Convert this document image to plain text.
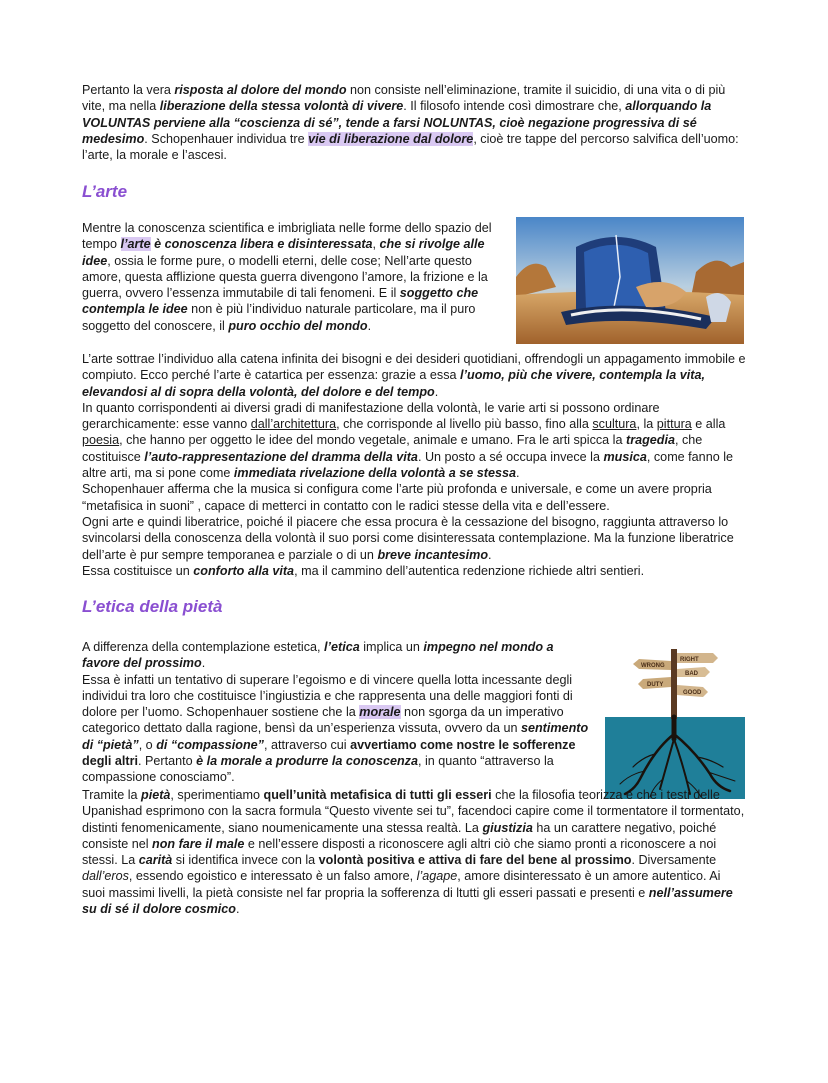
Pertanto la vera risposta al dolore del mondo non consiste nell’eliminazione, tramite il suicidio, di una vita o di più vite, ma nella liberazione della stessa volontà di vivere. Il filosofo intende così dimostrare che, allorquando la VOLUNTAS perviene alla “coscienza di sé”, tende a farsi NOLUNTAS, cioè negazione progressiva di sé medesimo. Schopenhauer individua tre vie di liberazione dal dolore, cioè tre tappe del percorso salvifica dell’uomo: l’arte, la morale e l’ascesi.

L’arte

Mentre la conoscenza scientifica e imbrigliata nelle forme dello spazio del tempo l’arte è conoscenza libera e disinteressata, che si rivolge alle idee, ossia le forme pure, o modelli eterni, delle cose; Nell’arte questo amore, questa afflizione questa guerra divengono l’amore, la frizione e la guerra, ovvero l’essenza immutabile di tali fenomeni. E il soggetto che contempla le idee non è più l’individuo naturale particolare, ma il puro soggetto del conoscere, il puro occhio del mondo.

L’arte sottrae l’individuo alla catena infinita dei bisogni e dei desideri quotidiani, offrendogli un appagamento immobile e compiuto. Ecco perché l’arte è catartica per essenza: grazie a essa l’uomo, più che vivere, contempla la vita, elevandosi al di sopra della volontà, del dolore e del tempo.

In quanto corrispondenti ai diversi gradi di manifestazione della volontà, le varie arti si possono ordinare gerarchicamente: esse vanno dall’architettura, che corrisponde al livello più basso, fino alla scultura, la pittura e alla poesia, che hanno per oggetto le idee del mondo vegetale, animale e umano. Fra le arti spicca la tragedia, che costituisce l’auto-rappresentazione del dramma della vita. Un posto a sé occupa invece la musica, come fanno le altre arti, ma si pone come immediata rivelazione della volontà a se stessa.

Schopenhauer afferma che la musica si configura come l’arte più profonda e universale, e come un avere propria “metafisica in suoni” , capace di metterci in contatto con le radici stesse della vita e dell’essere.

Ogni arte e quindi liberatrice, poiché il piacere che essa procura è la cessazione del bisogno, raggiunta attraverso lo svincolarsi della conoscenza della volontà il suo porsi come disinteressata contemplazione. Ma la funzione liberatrice dell’arte è pur sempre temporanea e parziale o di un breve incantesimo.

Essa costituisce un conforto alla vita, ma il cammino dell’autentica redenzione richiede altri sentieri.

L’etica della pietà

A differenza della contemplazione estetica, l’etica implica un impegno nel mondo a favore del prossimo.

Essa è infatti un tentativo di superare l’egoismo e di vincere quella lotta incessante degli individui tra loro che costituisce l’ingiustizia e che rappresenta una delle maggiori fonti di dolore per l’uomo. Schopenhauer sostiene che la morale non sgorga da un imperativo categorico dettato dalla ragione, bensì da un’esperienza vissuta, ovvero da un sentimento di “pietà”, o di “compassione”, attraverso cui avvertiamo come nostre le sofferenze degli altri. Pertanto è la morale a produrre la conoscenza, in quanto “attraverso la compassione conosciamo”.

RIGHT
WRONG
BAD
DUTY
GOOD

Tramite la pietà, sperimentiamo quell’unità metafisica di tutti gli esseri che la filosofia teorizza e che i testi delle Upanishad esprimono con la sacra formula “Questo vivente sei tu”, facendoci capire come il tormentatore il tormentato, distinti fenomenicamente, siano noumenicamente una stessa realtà. La giustizia ha un carattere negativo, poiché consiste nel non fare il male e nell’essere disposti a riconoscere agli altri ciò che siamo pronti a riconoscere a noi stessi. La carità si identifica invece con la volontà positiva e attiva di fare del bene al prossimo. Diversamente dall’eros, essendo egoistico e interessato è un falso amore, l’agape, amore disinteressato è un amore autentico. Ai suoi massimi livelli, la pietà consiste nel far propria la sofferenza di ltutti gli esseri passati e presenti e nell’assumere su di sé il dolore cosmico.
